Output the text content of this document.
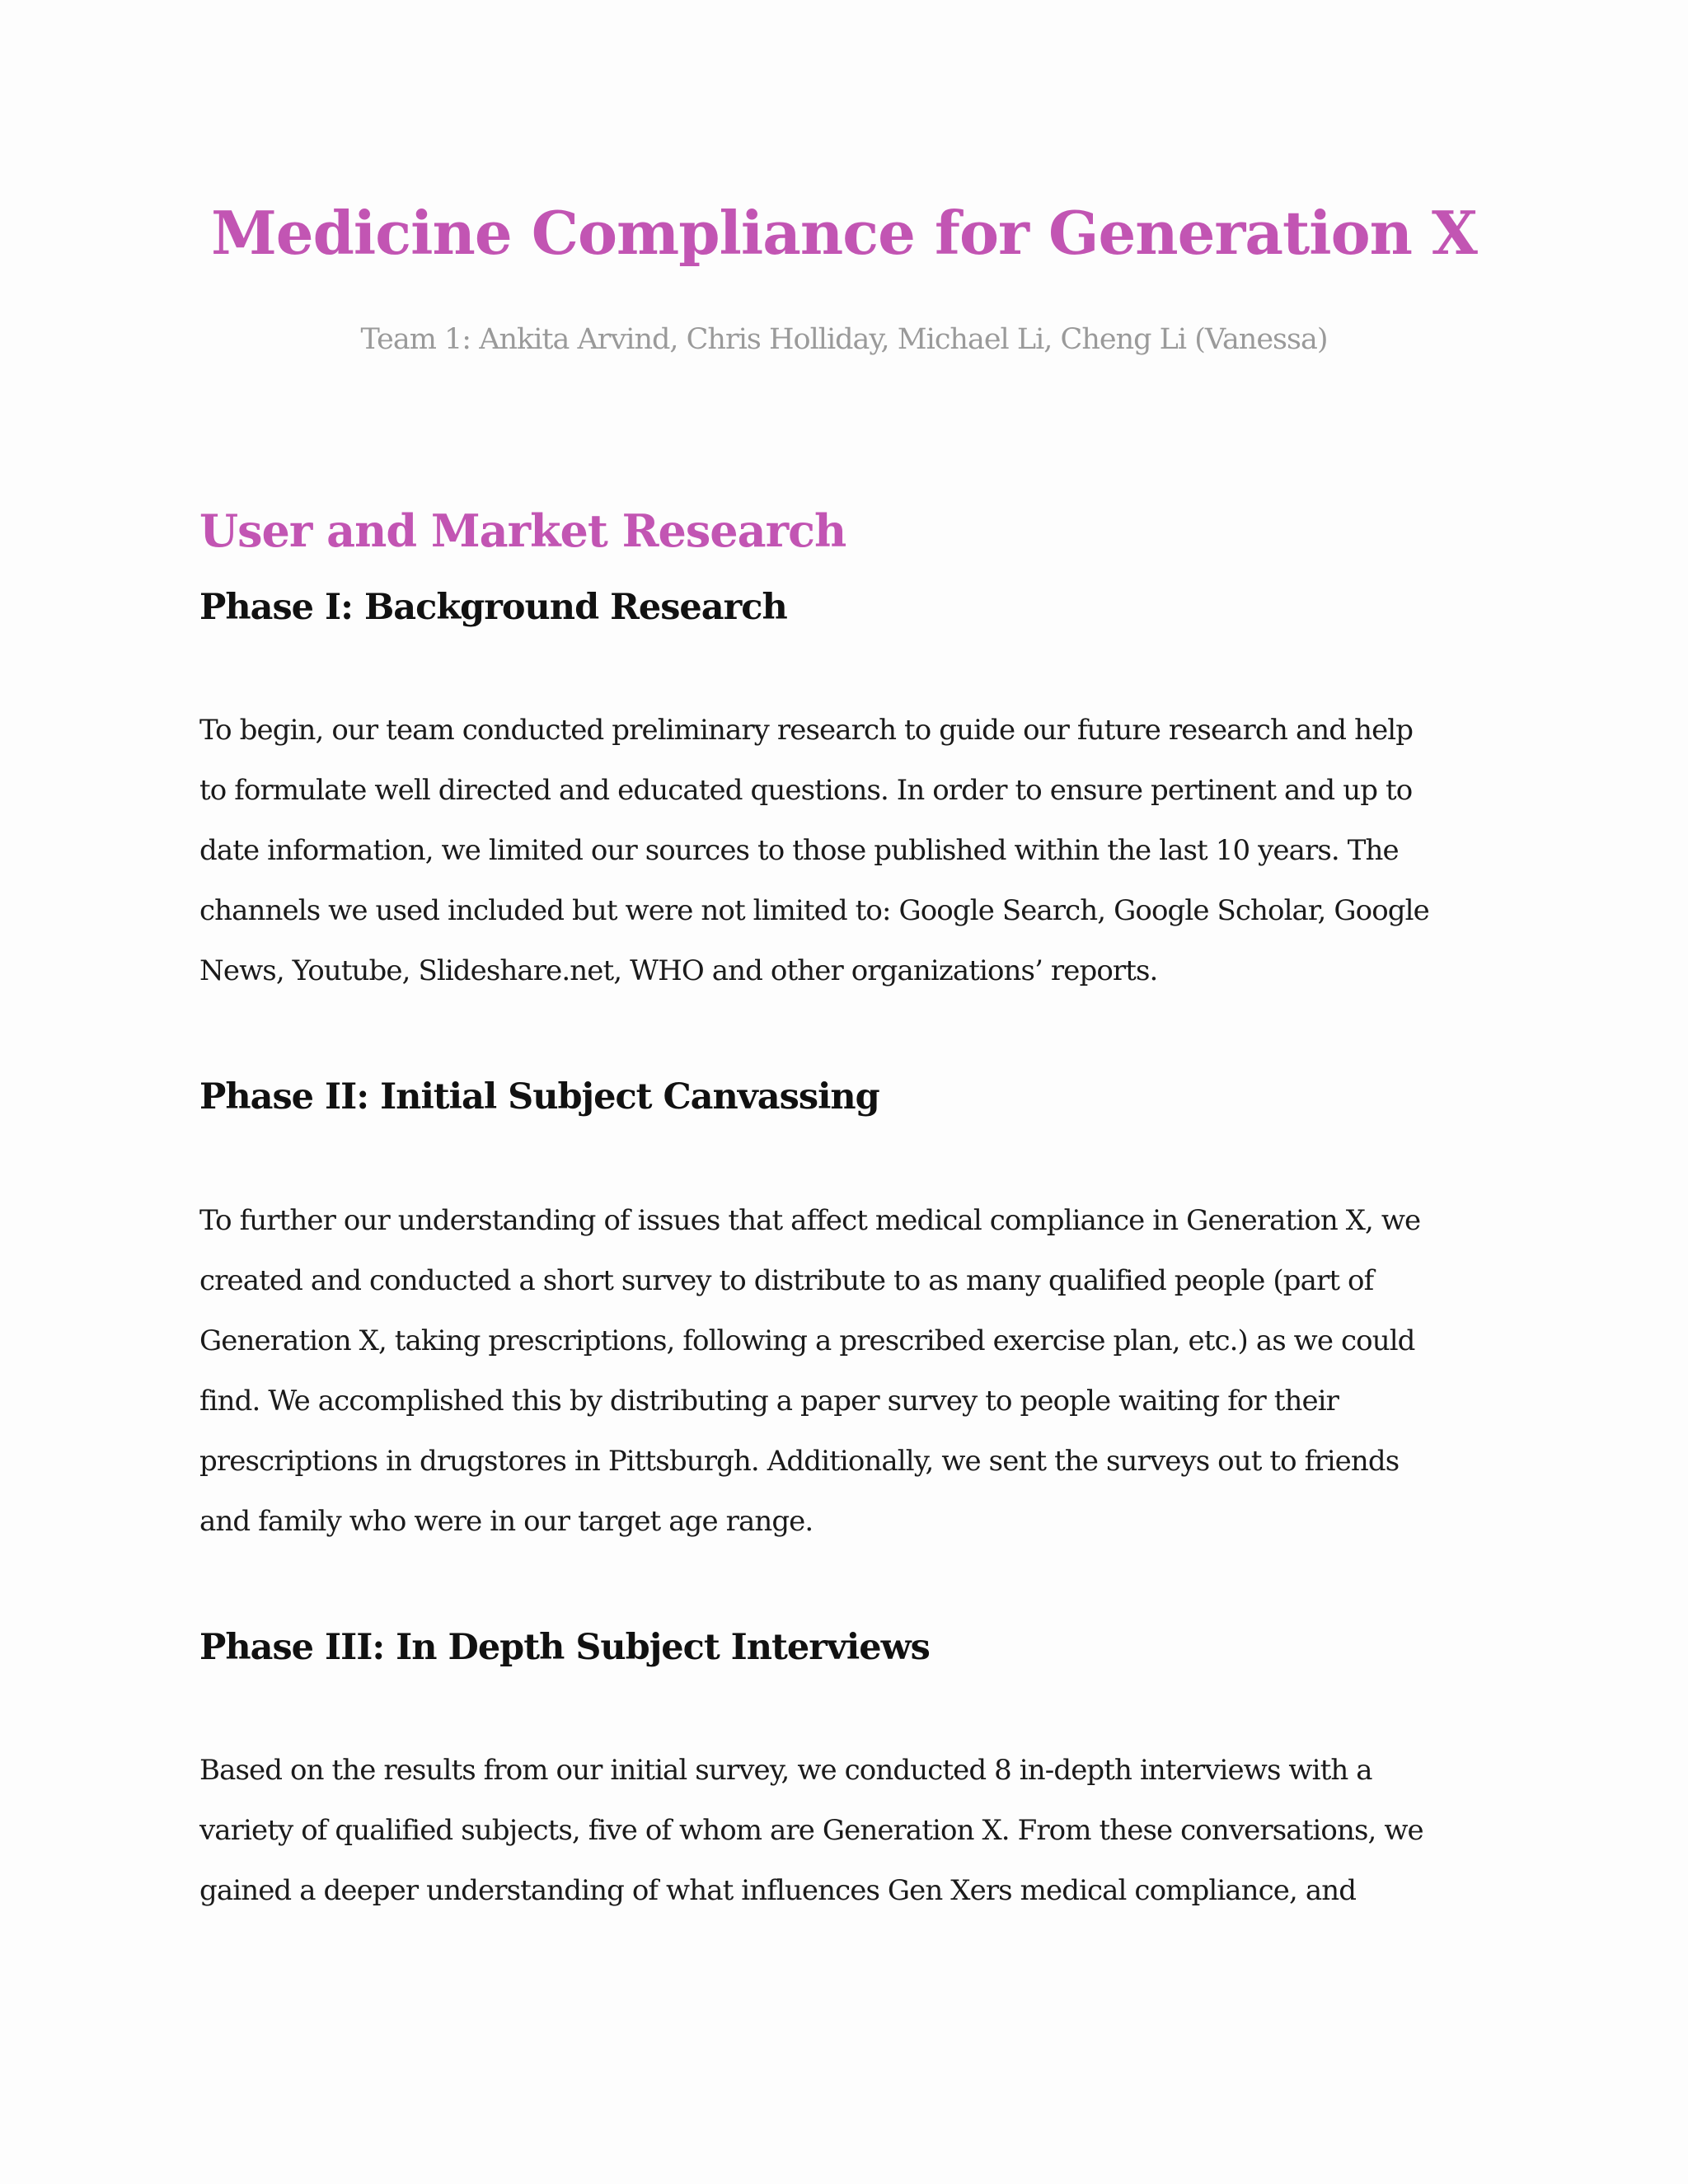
Medicine Compliance for Generation X

Team 1: Ankita Arvind, Chris Holliday, Michael Li, Cheng Li (Vanessa)

User and Market Research
Phase I: Background Research

To begin, our team conducted preliminary research to guide our future research and help
to formulate well directed and educated questions. In order to ensure pertinent and up to
date information, we limited our sources to those published within the last 10 years. The
channels we used included but were not limited to: Google Search, Google Scholar, Google
News, Youtube, Slideshare.net, WHO and other organizations’ reports.

Phase II: Initial Subject Canvassing

To further our understanding of issues that affect medical compliance in Generation X, we
created and conducted a short survey to distribute to as many qualified people (part of
Generation X, taking prescriptions, following a prescribed exercise plan, etc.) as we could
find. We accomplished this by distributing a paper survey to people waiting for their
prescriptions in drugstores in Pittsburgh. Additionally, we sent the surveys out to friends
and family who were in our target age range.

Phase III: In Depth Subject Interviews

Based on the results from our initial survey, we conducted 8 in-depth interviews with a
variety of qualified subjects, five of whom are Generation X. From these conversations, we
gained a deeper understanding of what influences Gen Xers medical compliance, and
